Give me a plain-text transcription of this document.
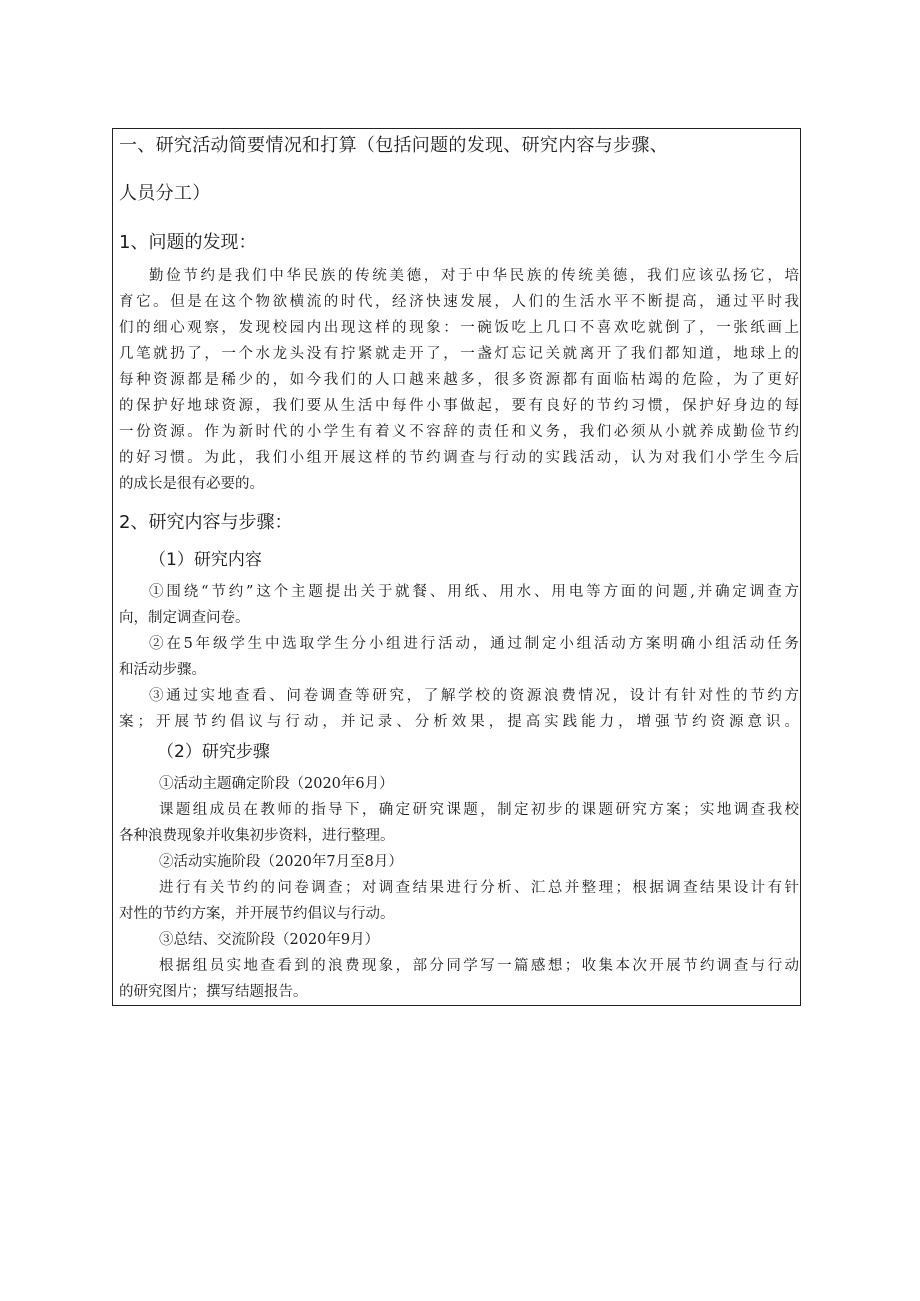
一、研究活动简要情况和打算（包括问题的发现、研究内容与步骤、
人员分工）
1、问题的发现：
勤俭节约是我们中华民族的传统美德，对于中华民族的传统美德，我们应该弘扬它，培
育它。但是在这个物欲横流的时代，经济快速发展，人们的生活水平不断提高，通过平时我
们的细心观察，发现校园内出现这样的现象：一碗饭吃上几口不喜欢吃就倒了，一张纸画上
几笔就扔了，一个水龙头没有拧紧就走开了，一盏灯忘记关就离开了我们都知道，地球上的
每种资源都是稀少的，如今我们的人口越来越多，很多资源都有面临枯竭的危险，为了更好
的保护好地球资源，我们要从生活中每件小事做起，要有良好的节约习惯，保护好身边的每
一份资源。作为新时代的小学生有着义不容辞的责任和义务，我们必须从小就养成勤俭节约
的好习惯。为此，我们小组开展这样的节约调查与行动的实践活动，认为对我们小学生今后
的成长是很有必要的。
2、研究内容与步骤：
（1）研究内容
①围绕“节约”这个主题提出关于就餐、用纸、用水、用电等方面的问题,并确定调查方
向，制定调查问卷。
②在5年级学生中选取学生分小组进行活动，通过制定小组活动方案明确小组活动任务
和活动步骤。
③通过实地查看、问卷调查等研究，了解学校的资源浪费情况，设计有针对性的节约方
案；开展节约倡议与行动，并记录、分析效果，提高实践能力，增强节约资源意识。
（2）研究步骤
①活动主题确定阶段（2020年6月）
课题组成员在教师的指导下，确定研究课题，制定初步的课题研究方案；实地调查我校
各种浪费现象并收集初步资料，进行整理。
②活动实施阶段（2020年7月至8月）
进行有关节约的问卷调查；对调查结果进行分析、汇总并整理；根据调查结果设计有针
对性的节约方案，并开展节约倡议与行动。
③总结、交流阶段（2020年9月）
根据组员实地查看到的浪费现象，部分同学写一篇感想；收集本次开展节约调查与行动
的研究图片；撰写结题报告。
